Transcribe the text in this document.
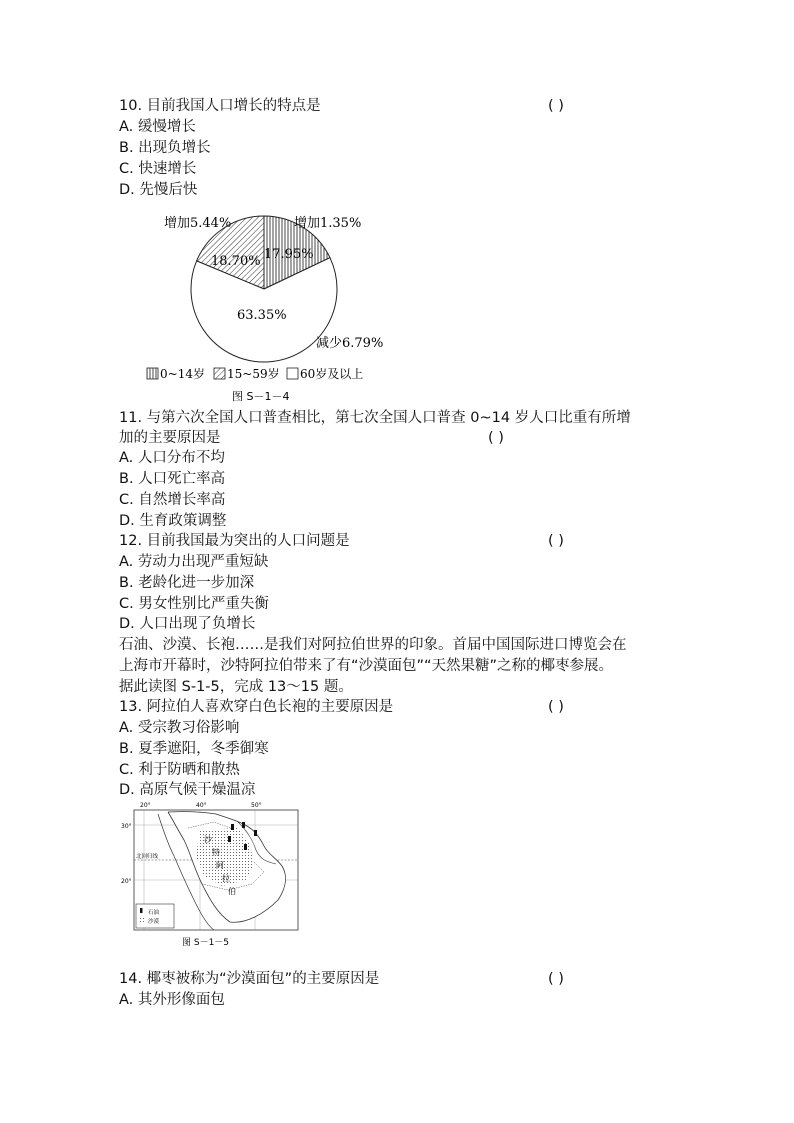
10. 目前我国人口增长的特点是	( )
A. 缓慢增长
B. 出现负增长
C. 快速增长
D. 先慢后快
增加1.35%
增加5.44%
减少6.79%
17.95%
18.70%
63.35%
0~14岁 15~59岁 60岁及以上
图 S－1－4
11. 与第六次全国人口普查相比，第七次全国人口普查 0~14 岁人口比重有所增
加的主要原因是	( )
A. 人口分布不均
B. 人口死亡率高
C. 自然增长率高
D. 生育政策调整
12. 目前我国最为突出的人口问题是	( )
A. 劳动力出现严重短缺
B. 老龄化进一步加深
C. 男女性别比严重失衡
D. 人口出现了负增长
石油、沙漠、长袍……是我们对阿拉伯世界的印象。首届中国国际进口博览会在
上海市开幕时，沙特阿拉伯带来了有“沙漠面包”“天然果糖”之称的椰枣参展。
据此读图 S-1-5，完成 13～15 题。
13. 阿拉伯人喜欢穿白色长袍的主要原因是	( )
A. 受宗教习俗影响
B. 夏季遮阳，冬季御寒
C. 利于防晒和散热
D. 高原气候干燥温凉
20°	40°	50°
30°
20°
北回归线
沙
特
阿
拉
伯
石油
沙漠
图 S－1－5
14. 椰枣被称为“沙漠面包”的主要原因是	( )
A. 其外形像面包
